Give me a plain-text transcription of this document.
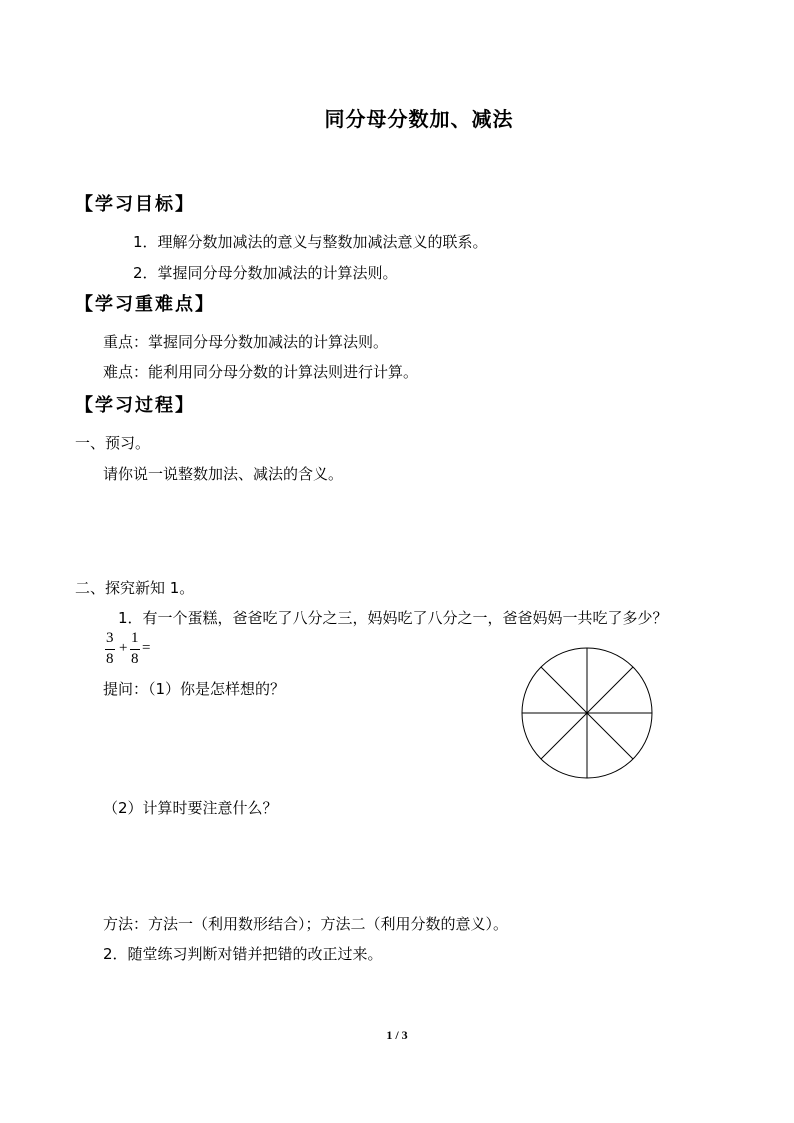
同分母分数加、减法
【学习目标】
1．理解分数加减法的意义与整数加减法意义的联系。
2．掌握同分母分数加减法的计算法则。
【学习重难点】
重点：掌握同分母分数加减法的计算法则。
难点：能利用同分母分数的计算法则进行计算。
【学习过程】
一、预习。
请你说一说整数加法、减法的含义。
二、探究新知 1。
1．有一个蛋糕，爸爸吃了八分之三，妈妈吃了八分之一，爸爸妈妈一共吃了多少？
3
8
+
1
8
=
提问：（1）你是怎样想的？
（2）计算时要注意什么？
方法：方法一（利用数形结合）；方法二（利用分数的意义）。
2．随堂练习判断对错并把错的改正过来。
1 / 3
